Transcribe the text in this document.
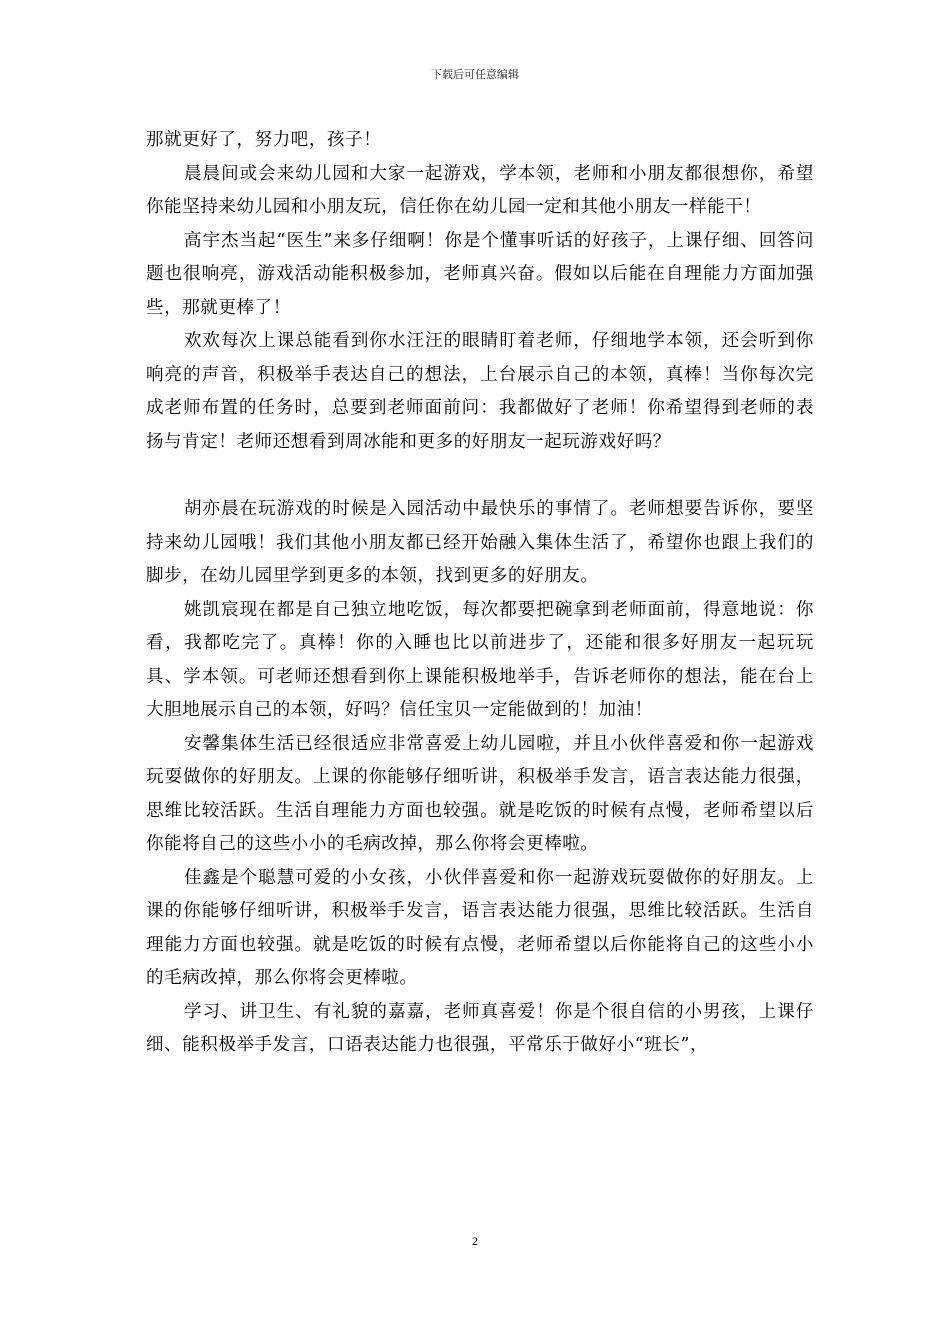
下载后可任意编辑

那就更好了，努力吧，孩子！

晨晨间或会来幼儿园和大家一起游戏，学本领，老师和小朋友都很想你，希望你能坚持来幼儿园和小朋友玩，信任你在幼儿园一定和其他小朋友一样能干！

高宇杰当起“医生”来多仔细啊！你是个懂事听话的好孩子，上课仔细、回答问题也很响亮，游戏活动能积极参加，老师真兴奋。假如以后能在自理能力方面加强些，那就更棒了！

欢欢每次上课总能看到你水汪汪的眼睛盯着老师，仔细地学本领，还会听到你响亮的声音，积极举手表达自己的想法，上台展示自己的本领，真棒！当你每次完成老师布置的任务时，总要到老师面前问：我都做好了老师！你希望得到老师的表扬与肯定！老师还想看到周冰能和更多的好朋友一起玩游戏好吗？

胡亦晨在玩游戏的时候是入园活动中最快乐的事情了。老师想要告诉你，要坚持来幼儿园哦！我们其他小朋友都已经开始融入集体生活了，希望你也跟上我们的脚步，在幼儿园里学到更多的本领，找到更多的好朋友。

姚凯宸现在都是自己独立地吃饭，每次都要把碗拿到老师面前，得意地说：你看，我都吃完了。真棒！你的入睡也比以前进步了，还能和很多好朋友一起玩玩具、学本领。可老师还想看到你上课能积极地举手，告诉老师你的想法，能在台上大胆地展示自己的本领，好吗？信任宝贝一定能做到的！加油！

安馨集体生活已经很适应非常喜爱上幼儿园啦，并且小伙伴喜爱和你一起游戏玩耍做你的好朋友。上课的你能够仔细听讲，积极举手发言，语言表达能力很强，思维比较活跃。生活自理能力方面也较强。就是吃饭的时候有点慢，老师希望以后你能将自己的这些小小的毛病改掉，那么你将会更棒啦。

佳鑫是个聪慧可爱的小女孩，小伙伴喜爱和你一起游戏玩耍做你的好朋友。上课的你能够仔细听讲，积极举手发言，语言表达能力很强，思维比较活跃。生活自理能力方面也较强。就是吃饭的时候有点慢，老师希望以后你能将自己的这些小小的毛病改掉，那么你将会更棒啦。

学习、讲卫生、有礼貌的嘉嘉，老师真喜爱！你是个很自信的小男孩，上课仔细、能积极举手发言，口语表达能力也很强，平常乐于做好小“班长”，

2
